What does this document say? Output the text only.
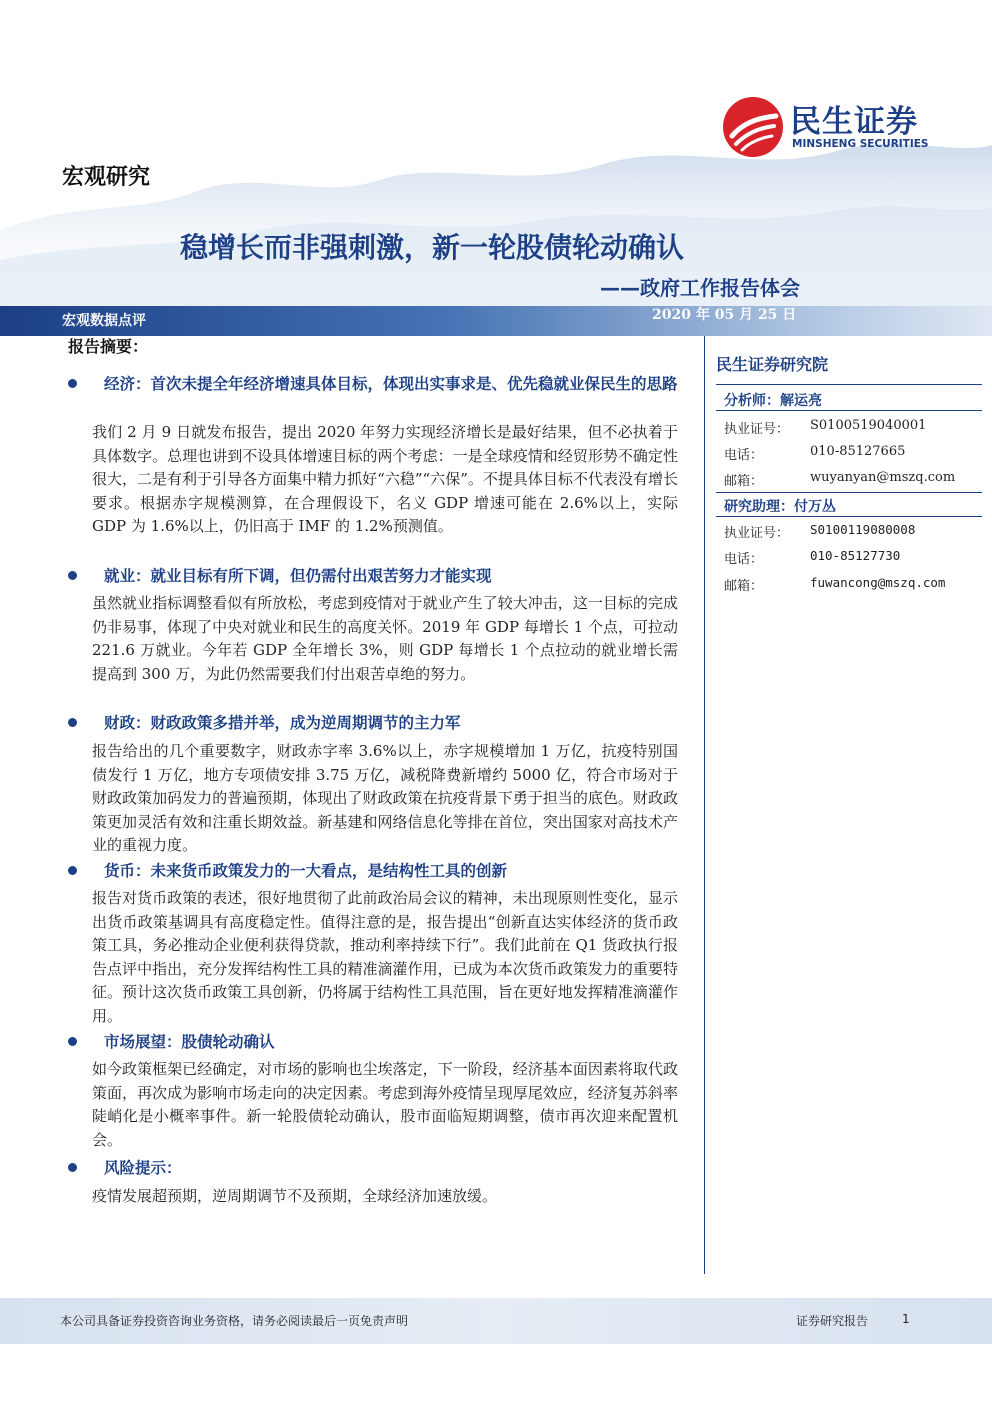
民生证券
MINSHENG SECURITIES
宏观研究
稳增长而非强刺激，新一轮股债轮动确认
——政府工作报告体会
宏观数据点评	2020 年 05 月 25 日
报告摘要：
经济：首次未提全年经济增速具体目标，体现出实事求是、优先稳就业保民生的思路
我们 2 月 9 日就发布报告，提出 2020 年努力实现经济增长是最好结果，但不必执着于具体数字。总理也讲到不设具体增速目标的两个考虑：一是全球疫情和经贸形势不确定性很大，二是有利于引导各方面集中精力抓好“六稳”“六保”。不提具体目标不代表没有增长要求。根据赤字规模测算，在合理假设下，名义 GDP 增速可能在 2.6%以上，实际 GDP 为 1.6%以上，仍旧高于 IMF 的 1.2%预测值。
就业：就业目标有所下调，但仍需付出艰苦努力才能实现
虽然就业指标调整看似有所放松，考虑到疫情对于就业产生了较大冲击，这一目标的完成仍非易事，体现了中央对就业和民生的高度关怀。2019 年 GDP 每增长 1 个点，可拉动 221.6 万就业。今年若 GDP 全年增长 3%，则 GDP 每增长 1 个点拉动的就业增长需提高到 300 万，为此仍然需要我们付出艰苦卓绝的努力。
财政：财政政策多措并举，成为逆周期调节的主力军
报告给出的几个重要数字，财政赤字率 3.6%以上，赤字规模增加 1 万亿，抗疫特别国债发行 1 万亿，地方专项债安排 3.75 万亿，减税降费新增约 5000 亿，符合市场对于财政政策加码发力的普遍预期，体现出了财政政策在抗疫背景下勇于担当的底色。财政政策更加灵活有效和注重长期效益。新基建和网络信息化等排在首位，突出国家对高技术产业的重视力度。
货币：未来货币政策发力的一大看点，是结构性工具的创新
报告对货币政策的表述，很好地贯彻了此前政治局会议的精神，未出现原则性变化，显示出货币政策基调具有高度稳定性。值得注意的是，报告提出“创新直达实体经济的货币政策工具，务必推动企业便利获得贷款，推动利率持续下行”。我们此前在 Q1 货政执行报告点评中指出，充分发挥结构性工具的精准滴灌作用，已成为本次货币政策发力的重要特征。预计这次货币政策工具创新，仍将属于结构性工具范围，旨在更好地发挥精准滴灌作用。
市场展望：股债轮动确认
如今政策框架已经确定，对市场的影响也尘埃落定，下一阶段，经济基本面因素将取代政策面，再次成为影响市场走向的决定因素。考虑到海外疫情呈现厚尾效应，经济复苏斜率陡峭化是小概率事件。新一轮股债轮动确认，股市面临短期调整，债市再次迎来配置机会。
风险提示：
疫情发展超预期，逆周期调节不及预期，全球经济加速放缓。
民生证券研究院
分析师：解运亮
执业证号： S0100519040001
电话：	010-85127665
邮箱：	wuyanyan@mszq.com
研究助理：付万丛
执业证号： S0100119080008
电话：	010-85127730
邮箱：	fuwancong@mszq.com
本公司具备证券投资咨询业务资格，请务必阅读最后一页免责声明	证券研究报告	1
